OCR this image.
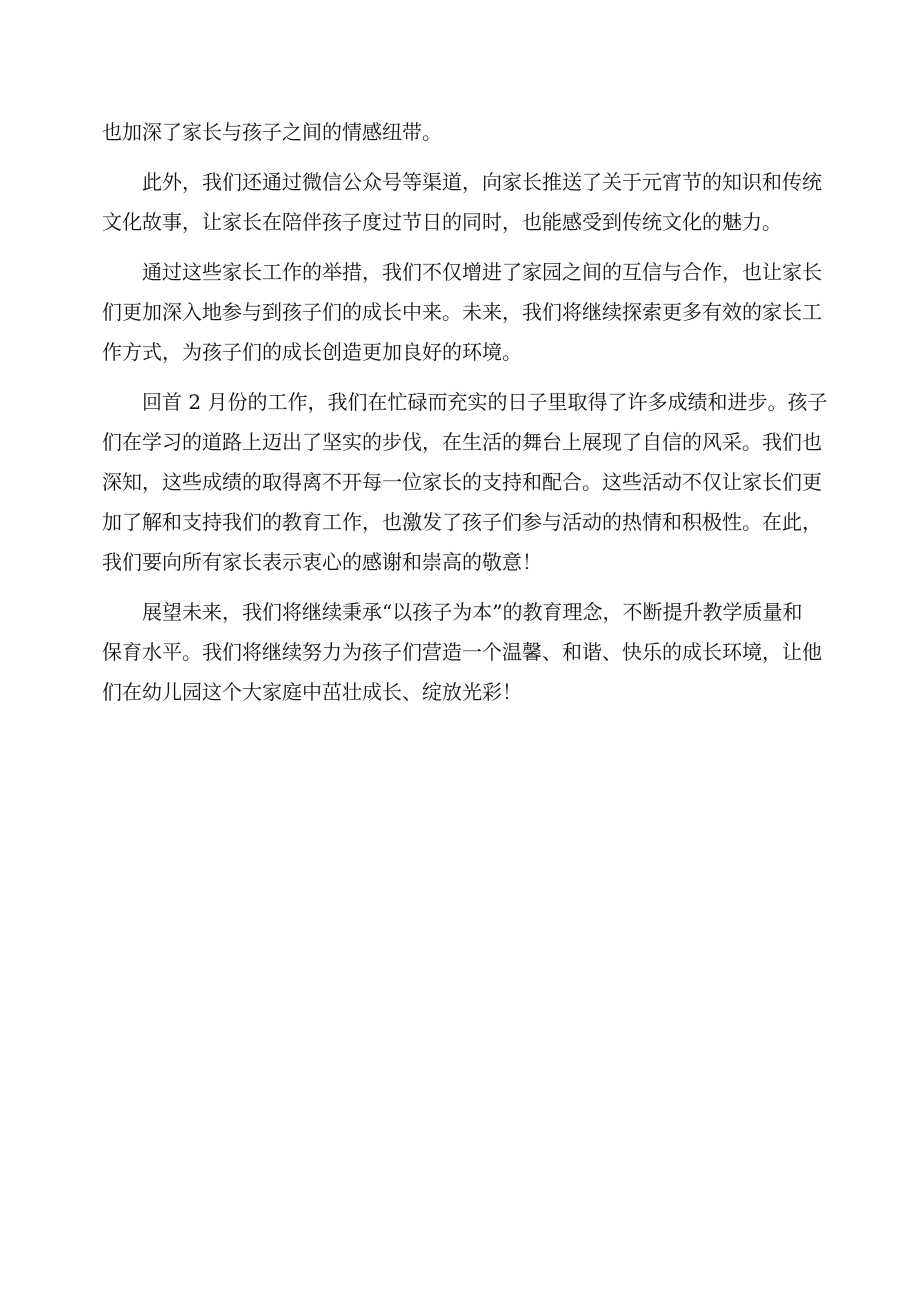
也加深了家长与孩子之间的情感纽带。

此外，我们还通过微信公众号等渠道，向家长推送了关于元宵节的知识和传统
文化故事，让家长在陪伴孩子度过节日的同时，也能感受到传统文化的魅力。

通过这些家长工作的举措，我们不仅增进了家园之间的互信与合作，也让家长
们更加深入地参与到孩子们的成长中来。未来，我们将继续探索更多有效的家长工
作方式，为孩子们的成长创造更加良好的环境。

回首 2 月份的工作，我们在忙碌而充实的日子里取得了许多成绩和进步。孩子
们在学习的道路上迈出了坚实的步伐，在生活的舞台上展现了自信的风采。我们也
深知，这些成绩的取得离不开每一位家长的支持和配合。这些活动不仅让家长们更
加了解和支持我们的教育工作，也激发了孩子们参与活动的热情和积极性。在此，
我们要向所有家长表示衷心的感谢和崇高的敬意！

展望未来，我们将继续秉承“以孩子为本”的教育理念，不断提升教学质量和
保育水平。我们将继续努力为孩子们营造一个温馨、和谐、快乐的成长环境，让他
们在幼儿园这个大家庭中茁壮成长、绽放光彩！
